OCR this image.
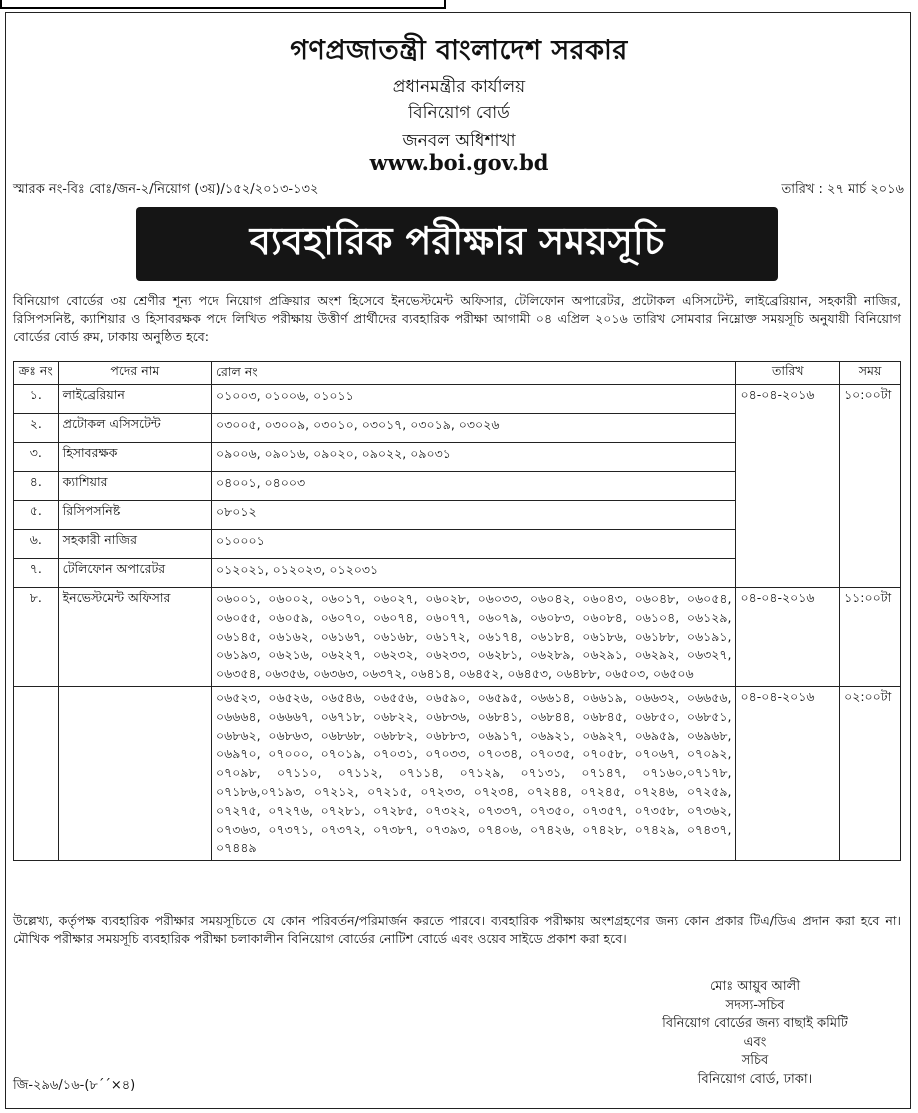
গণপ্রজাতন্ত্রী বাংলাদেশ সরকার
প্রধানমন্ত্রীর কার্যালয়
বিনিয়োগ বোর্ড
জনবল অধিশাখা
www.boi.gov.bd
স্মারক নং-বিঃ বোঃ/জন-২/নিয়োগ (৩য়)/১৫২/২০১৩-১৩২	তারিখ : ২৭ মার্চ ২০১৬
ব্যবহারিক পরীক্ষার সময়সূচি
বিনিয়োগ বোর্ডের ৩য় শ্রেণীর শূন্য পদে নিয়োগ প্রক্রিয়ার অংশ হিসেবে ইনভেস্টমেন্ট অফিসার, টেলিফোন অপারেটর, প্রটোকল এসিসটেন্ট, লাইব্রেরিয়ান, সহকারী নাজির, রিসিপসনিষ্ট, ক্যাশিয়ার ও হিসাবরক্ষক পদে লিখিত পরীক্ষায় উত্তীর্ণ প্রার্থীদের ব্যবহারিক পরীক্ষা আগামী ০৪ এপ্রিল ২০১৬ তারিখ সোমবার নিম্নোক্ত সময়সূচি অনুযায়ী বিনিয়োগ বোর্ডের বোর্ড রুম, ঢাকায় অনুষ্ঠিত হবে:
ক্রঃ নং	পদের নাম	রোল নং	তারিখ	সময়
১.	লাইব্রেরিয়ান	০১০০৩, ০১০০৬, ০১০১১	০৪-০৪-২০১৬	১০:০০টা
২.	প্রটোকল এসিসটেন্ট	০৩০০৫, ০৩০০৯, ০৩০১০, ০৩০১৭, ০৩০১৯, ০৩০২৬		
৩.	হিসাবরক্ষক	০৯০০৬, ০৯০১৬, ০৯০২০, ০৯০২২, ০৯০৩১		
৪.	ক্যাশিয়ার	০৪০০১, ০৪০০৩		
৫.	রিসিপসনিষ্ট	০৮০১২		
৬.	সহকারী নাজির	০১০০০১		
৭.	টেলিফোন অপারেটর	০১২০২১, ০১২০২৩, ০১২০৩১		
৮.	ইনভেস্টমেন্ট অফিসার	০৬০০১, ০৬০০২, ০৬০১৭, ০৬০২৭, ০৬০২৮, ০৬০৩৩, ০৬০৪২, ০৬০৪৩, ০৬০৪৮, ০৬০৫৪, ০৬০৫৫, ০৬০৫৯, ০৬০৭০, ০৬০৭৪, ০৬০৭৭, ০৬০৭৯, ০৬০৮৩, ০৬০৮৪, ০৬১০৪, ০৬১২৯, ০৬১৪৫, ০৬১৬২, ০৬১৬৭, ০৬১৬৮, ০৬১৭২, ০৬১৭৪, ০৬১৮৪, ০৬১৮৬, ০৬১৮৮, ০৬১৯১, ০৬১৯৩, ০৬২১৬, ০৬২২৭, ০৬২৩২, ০৬২৩৩, ০৬২৮১, ০৬২৮৯, ০৬২৯১, ০৬২৯২, ০৬৩২৭, ০৬৩৫৪, ০৬৩৫৬, ০৬৩৬৩, ০৬৩৭২, ০৬৪১৪, ০৬৪৫২, ০৬৪৫৩, ০৬৪৮৮, ০৬৫০৩, ০৬৫০৬	০৪-০৪-২০১৬	১১:০০টা
		০৬৫২৩, ০৬৫২৬, ০৬৫৪৬, ০৬৫৫৬, ০৬৫৯০, ০৬৫৯৫, ০৬৬১৪, ০৬৬১৯, ০৬৬৩২, ০৬৬৫৬, ০৬৬৬৪, ০৬৬৬৭, ০৬৭১৮, ০৬৮২২, ০৬৮৩৬, ০৬৮৪১, ০৬৮৪৪, ০৬৮৪৫, ০৬৮৫০, ০৬৮৫১, ০৬৮৬২, ০৬৮৬৩, ০৬৮৬৮, ০৬৮৮২, ০৬৮৮৩, ০৬৯১৭, ০৬৯২১, ০৬৯২৭, ০৬৯৫৯, ০৬৯৬৮, ০৬৯৭০, ০৭০০০, ০৭০১৯, ০৭০৩১, ০৭০৩৩, ০৭০৩৪, ০৭০৩৫, ০৭০৫৮, ০৭০৬৭, ০৭০৯২, ০৭০৯৮, ০৭১১০, ০৭১১২, ০৭১১৪, ০৭১২৯, ০৭১৩১, ০৭১৪৭, ০৭১৬০,০৭১৭৮, ০৭১৮৬,০৭১৯৩, ০৭২১২, ০৭২১৫, ০৭২৩৩, ০৭২৩৪, ০৭২৪৪, ০৭২৪৫, ০৭২৪৬, ০৭২৫৯, ০৭২৭৫, ০৭২৭৬, ০৭২৮১, ০৭২৮৫, ০৭৩২২, ০৭৩৩৭, ০৭৩৫০, ০৭৩৫৭, ০৭৩৫৮, ০৭৩৬২, ০৭৩৬৩, ০৭৩৭১, ০৭৩৭২, ০৭৩৮৭, ০৭৩৯৩, ০৭৪০৬, ০৭৪২৬, ০৭৪২৮, ০৭৪২৯, ০৭৪৩৭, ০৭৪৪৯	০৪-০৪-২০১৬	০২:০০টা
উল্লেখ্য, কর্তৃপক্ষ ব্যবহারিক পরীক্ষার সময়সূচিতে যে কোন পরিবর্তন/পরিমার্জন করতে পারবে। ব্যবহারিক পরীক্ষায় অংশগ্রহণের জন্য কোন প্রকার টিএ/ডিএ প্রদান করা হবে না। মৌখিক পরীক্ষার সময়সূচি ব্যবহারিক পরীক্ষা চলাকালীন বিনিয়োগ বোর্ডের নোটিশ বোর্ডে এবং ওয়েব সাইডে প্রকাশ করা হবে।
মোঃ আয়ুব আলী
সদস্য-সচিব
বিনিয়োগ বোর্ডের জন্য বাছাই কমিটি
এবং
সচিব
বিনিয়োগ বোর্ড, ঢাকা।
জি-২৯৬/১৬-(৮´´×৪)
